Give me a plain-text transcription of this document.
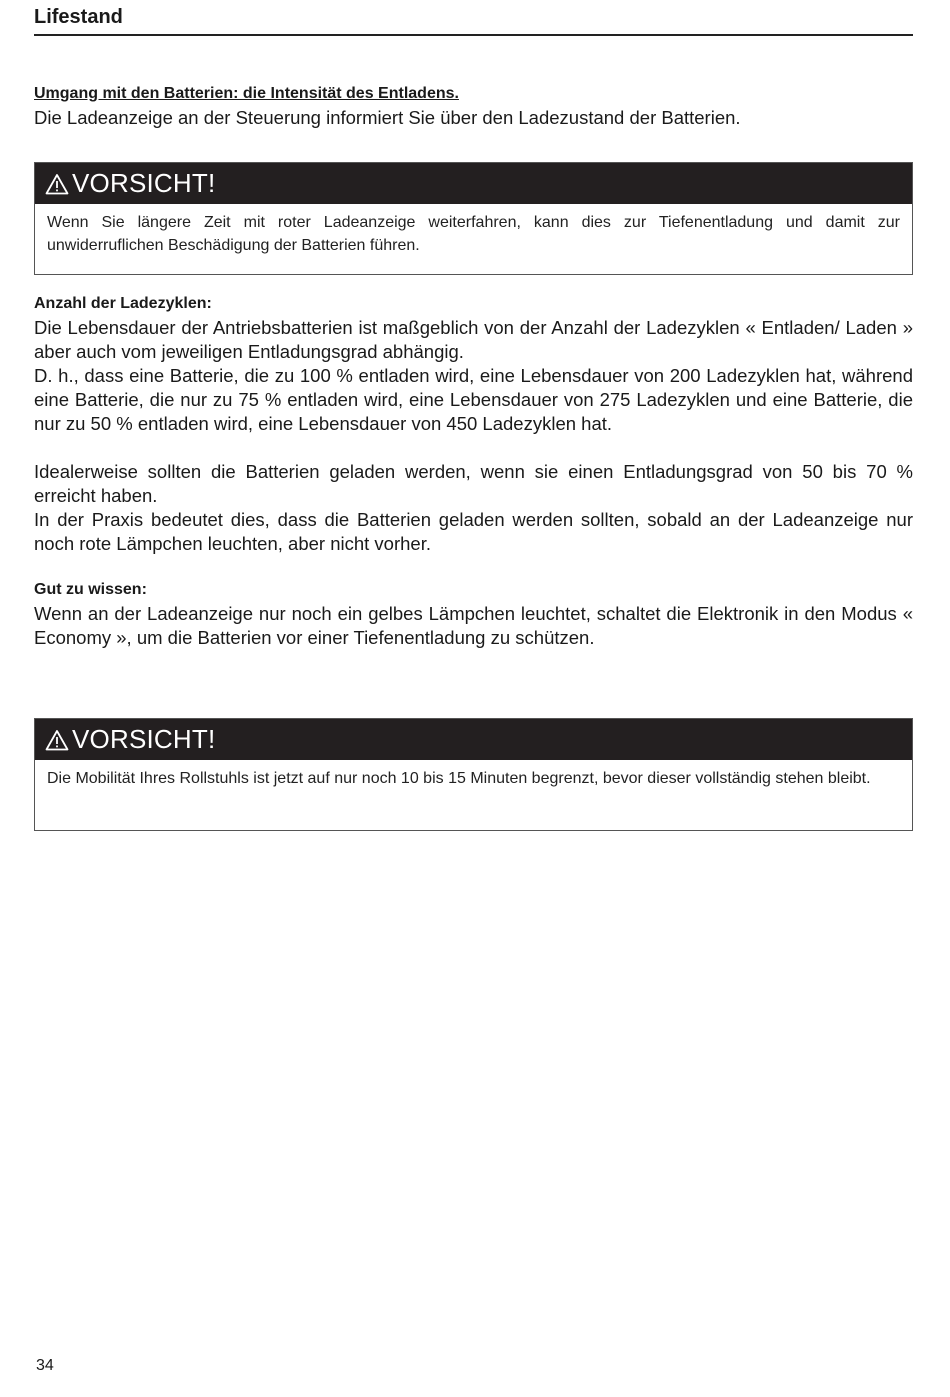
Lifestand
Umgang mit den Batterien: die Intensität des Entladens.

Die Ladeanzeige an der Steuerung informiert Sie über den Ladezustand der Batterien.

VORSICHT!
Wenn Sie längere Zeit mit roter Ladeanzeige weiterfahren, kann dies zur Tiefenentladung und damit zur unwiderruflichen Beschädigung der Batterien führen.
Anzahl der Ladezyklen:

Die Lebensdauer der Antriebsbatterien ist maßgeblich von der Anzahl der Ladezyklen « Entladen/ Laden » aber auch vom jeweiligen Entladungsgrad abhängig.

D. h., dass eine Batterie, die zu 100 % entladen wird, eine Lebensdauer von 200 Ladezyklen hat, während eine Batterie, die nur zu 75 % entladen wird, eine Lebensdauer von 275 Ladezyklen und eine Batterie, die nur zu 50 % entladen wird, eine Lebensdauer von 450 Ladezyklen hat.

Idealerweise sollten die Batterien geladen werden, wenn sie einen Entladungsgrad von 50 bis 70 % erreicht haben.

In der Praxis bedeutet dies, dass die Batterien geladen werden sollten, sobald an der Ladeanzeige nur noch rote Lämpchen leuchten, aber nicht vorher.

Gut zu wissen:

Wenn an der Ladeanzeige nur noch ein gelbes Lämpchen leuchtet, schaltet die Elektronik in den Modus « Economy », um die Batterien vor einer Tiefenentladung zu schützen.

VORSICHT!
Die Mobilität Ihres Rollstuhls ist jetzt auf nur noch 10 bis 15 Minuten begrenzt, bevor dieser vollständig stehen bleibt.
34
